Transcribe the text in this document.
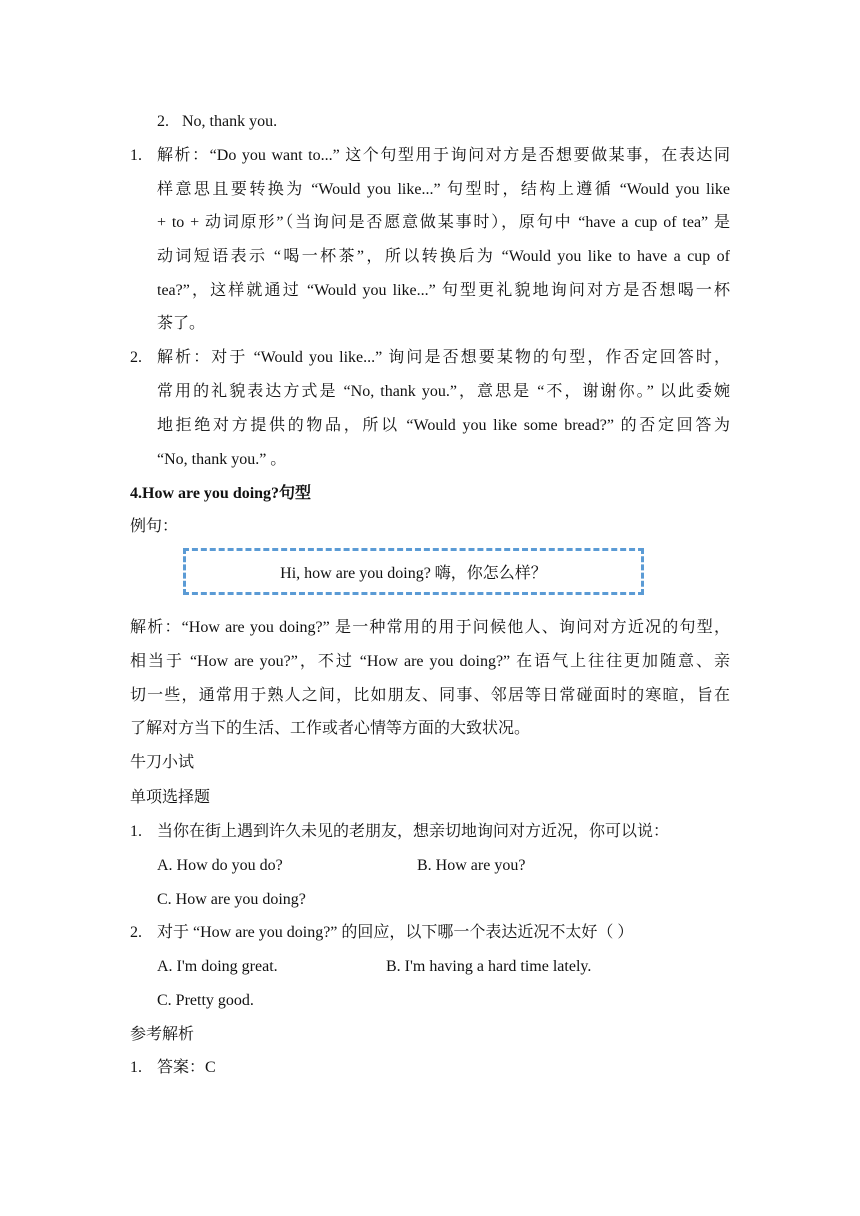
2. No, thank you.
1. 解析：“Do you want to...” 这个句型用于询问对方是否想要做某事，在表达同
样意思且要转换为 “Would you like...” 句型时，结构上遵循 “Would you like
+ to + 动词原形”（当询问是否愿意做某事时），原句中 “have a cup of tea” 是
动词短语表示 “喝一杯茶”，所以转换后为 “Would you like to have a cup of
tea?”，这样就通过 “Would you like...” 句型更礼貌地询问对方是否想喝一杯
茶了。
2. 解析：对于 “Would you like...” 询问是否想要某物的句型，作否定回答时，
常用的礼貌表达方式是 “No, thank you.”，意思是 “不，谢谢你。” 以此委婉
地拒绝对方提供的物品，所以 “Would you like some bread?” 的否定回答为
“No, thank you.” 。
4.How are you doing?句型
例句：
Hi, how are you doing? 嗨，你怎么样？
解析：“How are you doing?” 是一种常用的用于问候他人、询问对方近况的句型，
相当于 “How are you?”，不过 “How are you doing?” 在语气上往往更加随意、亲
切一些，通常用于熟人之间，比如朋友、同事、邻居等日常碰面时的寒暄，旨在
了解对方当下的生活、工作或者心情等方面的大致状况。
牛刀小试
单项选择题
1. 当你在街上遇到许久未见的老朋友，想亲切地询问对方近况，你可以说：
A. How do you do?	B. How are you?
C. How are you doing?
2. 对于 “How are you doing?” 的回应，以下哪一个表达近况不太好（ ）
A. I'm doing great.	B. I'm having a hard time lately.
C. Pretty good.
参考解析
1. 答案：C
